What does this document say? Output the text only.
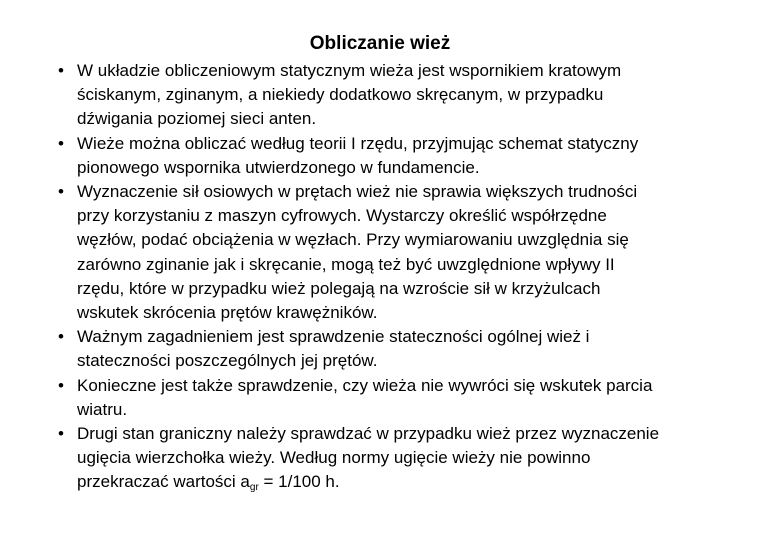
Obliczanie wież
• W układzie obliczeniowym statycznym wieża jest wspornikiem kratowym
ściskanym, zginanym, a niekiedy dodatkowo skręcanym, w przypadku
dźwigania poziomej sieci anten.
• Wieże można obliczać według teorii I rzędu, przyjmując schemat statyczny
pionowego wspornika utwierdzonego w fundamencie.
• Wyznaczenie sił osiowych w prętach wież nie sprawia większych trudności
przy korzystaniu z maszyn cyfrowych. Wystarczy określić współrzędne
węzłów, podać obciążenia w węzłach. Przy wymiarowaniu uwzględnia się
zarówno zginanie jak i skręcanie, mogą też być uwzględnione wpływy II
rzędu, które w przypadku wież polegają na wzroście sił w krzyżulcach
wskutek skrócenia prętów krawężników.
• Ważnym zagadnieniem jest sprawdzenie stateczności ogólnej wież i
stateczności poszczególnych jej prętów.
• Konieczne jest także sprawdzenie, czy wieża nie wywróci się wskutek parcia
wiatru.
• Drugi stan graniczny należy sprawdzać w przypadku wież przez wyznaczenie
ugięcia wierzchołka wieży. Według normy ugięcie wieży nie powinno
przekraczać wartości $a_{gr} = 1/100$ h.
